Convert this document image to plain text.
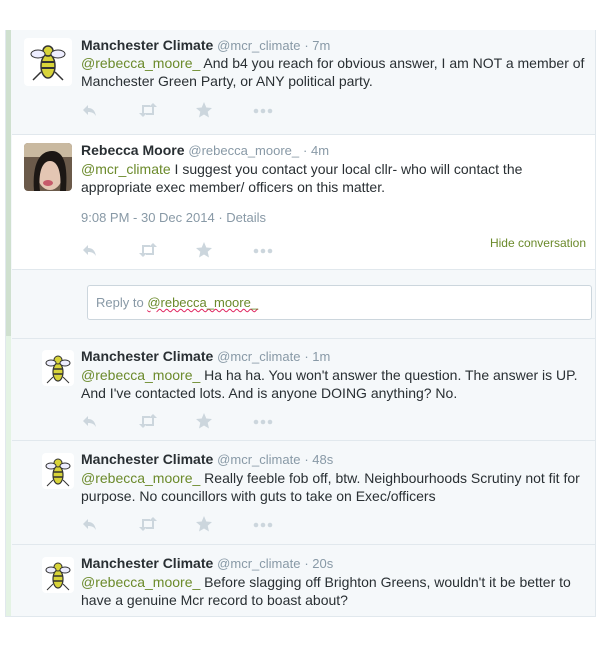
Manchester Climate @mcr_climate · 7m
@rebecca_moore_ And b4 you reach for obvious answer, I am NOT a member of Manchester Green Party, or ANY political party.
Rebecca Moore @rebecca_moore_ · 4m
@mcr_climate I suggest you contact your local cllr- who will contact the appropriate exec member/ officers on this matter.
9:08 PM - 30 Dec 2014 · Details
Hide conversation
Reply to @rebecca_moore_
Manchester Climate @mcr_climate · 1m
@rebecca_moore_ Ha ha ha. You won't answer the question. The answer is UP. And I've contacted lots. And is anyone DOING anything? No.
Manchester Climate @mcr_climate · 48s
@rebecca_moore_ Really feeble fob off, btw. Neighbourhoods Scrutiny not fit for purpose. No councillors with guts to take on Exec/officers
Manchester Climate @mcr_climate · 20s
@rebecca_moore_ Before slagging off Brighton Greens, wouldn't it be better to have a genuine Mcr record to boast about?
